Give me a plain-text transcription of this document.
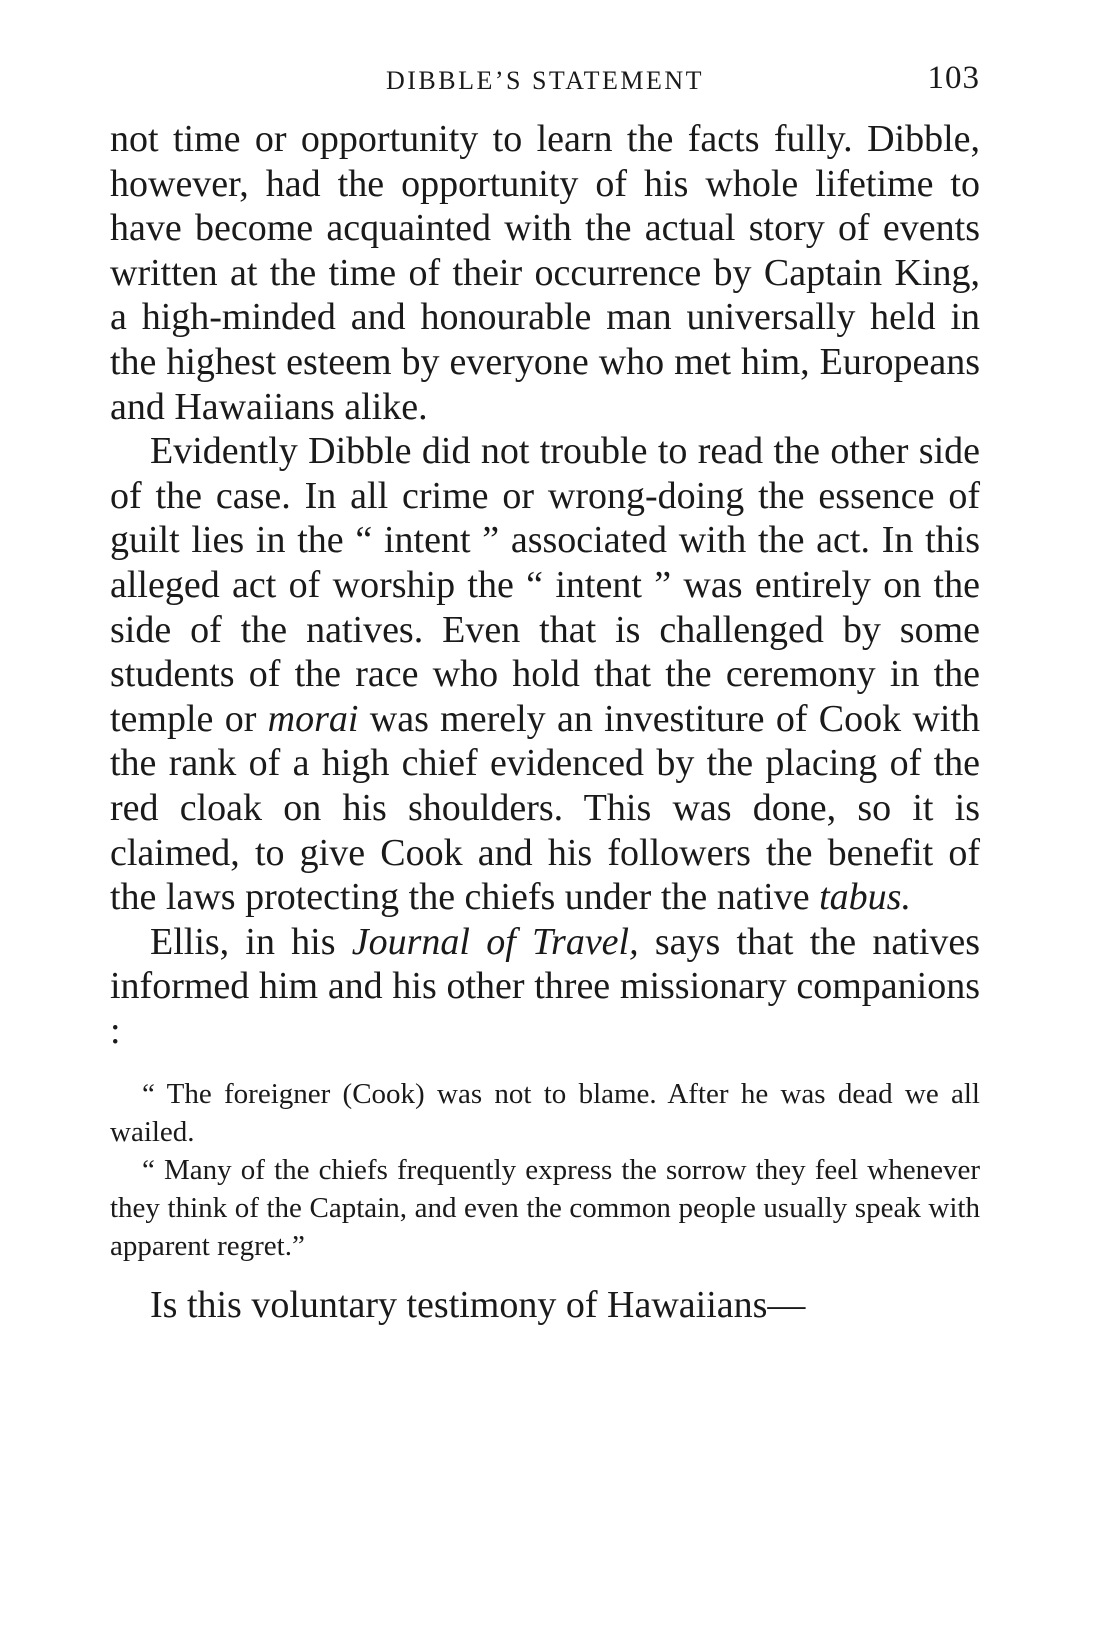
DIBBLE’S STATEMENT	103

not time or opportunity to learn the facts fully. Dibble, however, had the opportunity of his whole lifetime to have become acquainted with the actual story of events written at the time of their occurrence by Captain King, a high-minded and honourable man universally held in the highest esteem by everyone who met him, Europeans and Hawaiians alike.

Evidently Dibble did not trouble to read the other side of the case. In all crime or wrong-doing the essence of guilt lies in the “ intent ” associated with the act. In this alleged act of worship the “ intent ” was entirely on the side of the natives. Even that is challenged by some students of the race who hold that the ceremony in the temple or morai was merely an investiture of Cook with the rank of a high chief evidenced by the placing of the red cloak on his shoulders. This was done, so it is claimed, to give Cook and his followers the benefit of the laws protecting the chiefs under the native tabus.

Ellis, in his Journal of Travel, says that the natives informed him and his other three missionary companions :

“ The foreigner (Cook) was not to blame. After he was dead we all wailed.

“ Many of the chiefs frequently express the sorrow they feel whenever they think of the Captain, and even the common people usually speak with apparent regret.”

Is this voluntary testimony of Hawaiians—
